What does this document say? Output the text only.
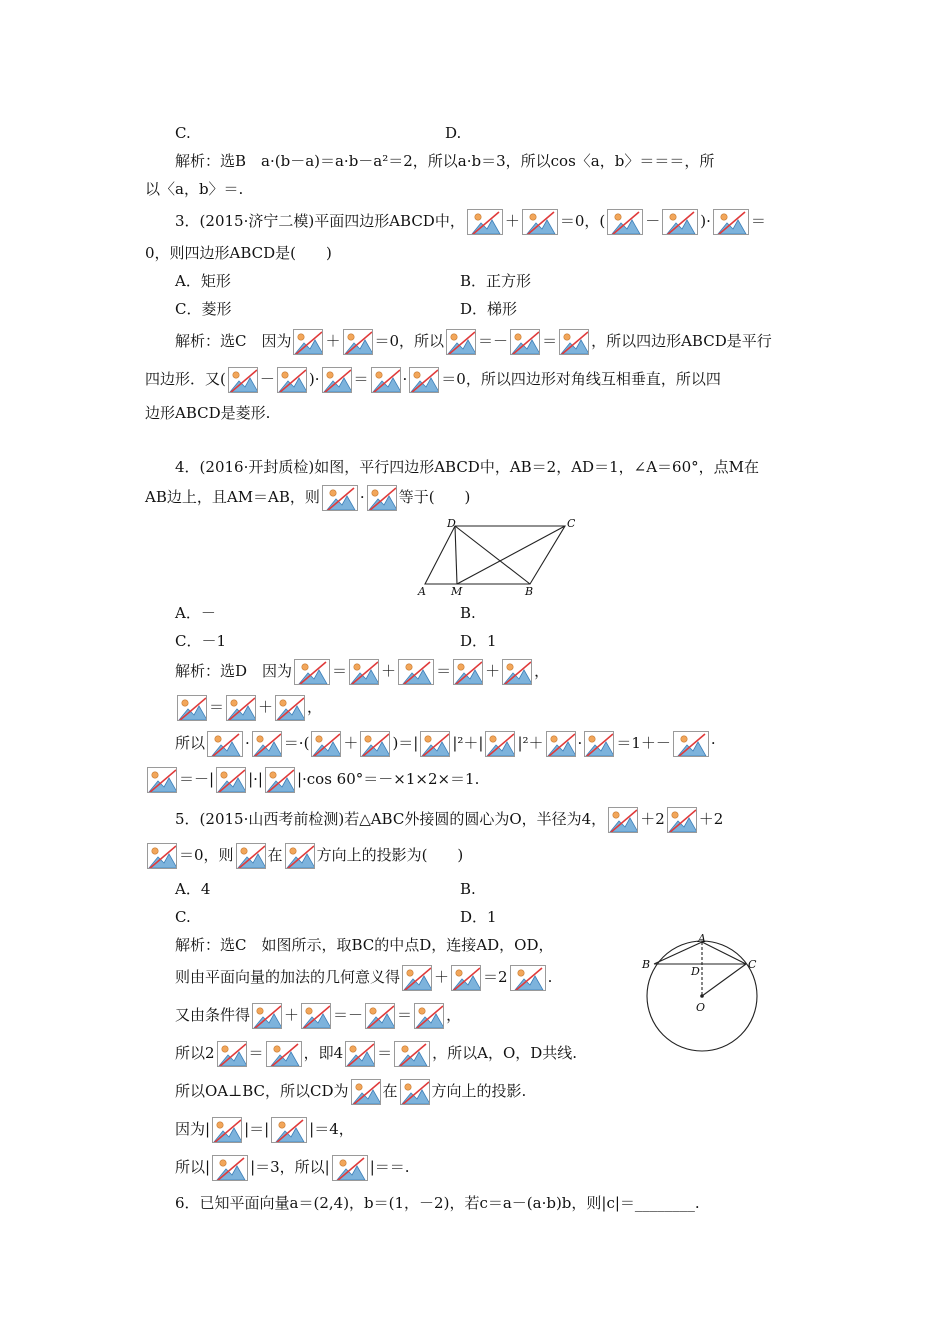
C.	D.
解析：选B　a·(b－a)＝a·b－a²＝2，所以a·b＝3，所以cos〈a，b〉＝＝＝，所
以〈a，b〉＝.
3．(2015·济宁二模)平面四边形ABCD中，	＋	＝0，(	－	)·	＝
0，则四边形ABCD是(　　)
A．矩形	B．正方形
C．菱形	D．梯形
解析：选C　因为 ＋ ＝0，所以 ＝－ ＝ ，所以四边形ABCD是平行
四边形．又( － )· ＝ · ＝0，所以四边形对角线互相垂直，所以四
边形ABCD是菱形.
4．(2016·开封质检)如图，平行四边形ABCD中，AB＝2，AD＝1，∠A＝60°，点M在
AB边上，且AM＝AB，则	· 等于(　　)
A M	B
C
D
A．－	B.
C．－1	D．1
解析：选D　因为	＝ ＋	＝ ＋ ，
＝ ＋ ，
所以	· ＝·( ＋ )＝| |²＋| |²＋ · ＝1＋－	·
＝－| |·| |·cos 60°＝－×1×2×＝1.
5．(2015·山西考前检测)若△ABC外接圆的圆心为O，半径为4， ＋2 ＋2
＝0，则 在 方向上的投影为(　　)
A．4	B.
C.	D．1
解析：选C　如图所示，取BC的中点D，连接AD，OD，
则由平面向量的加法的几何意义得 ＋ ＝2	.
又由条件得 ＋ ＝－ ＝ ，
所以2 ＝	，即4 ＝	，所以A，O，D共线.
所以OA⊥BC，所以CD为 在 方向上的投影.
因为| |＝|	|＝4，
所以|	|＝3，所以|	|＝＝.
A
B	C
D
O
6．已知平面向量a＝(2,4)，b＝(1，－2)，若c＝a－(a·b)b，则|c|＝________.
